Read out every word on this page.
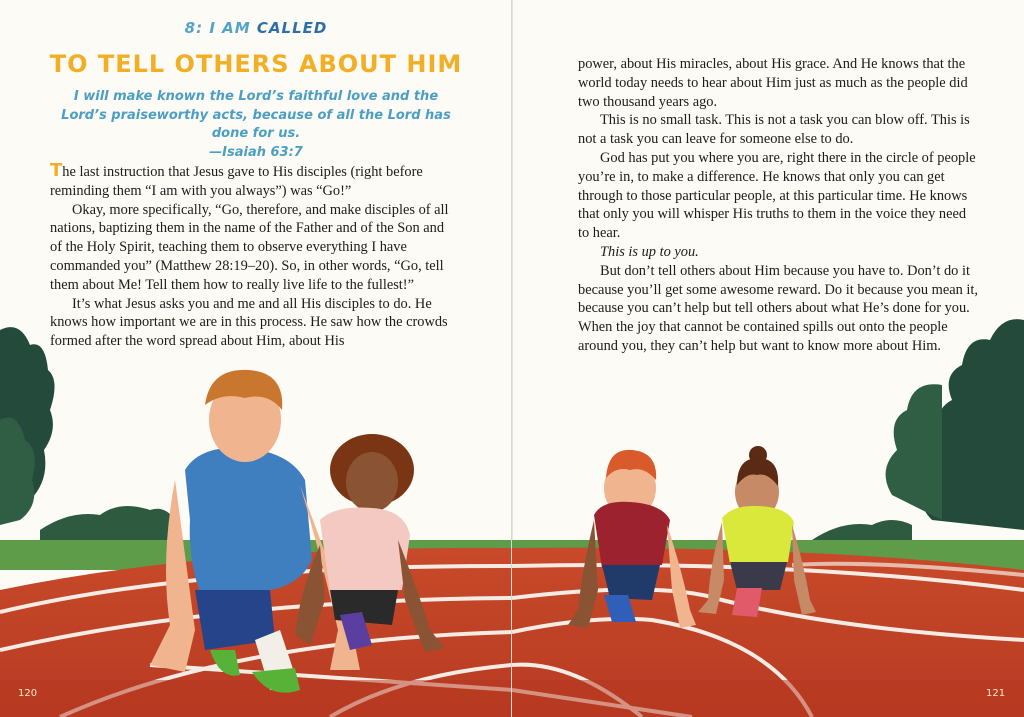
8: I AM CALLED
TO TELL OTHERS ABOUT HIM
I will make known the Lord’s faithful love and the Lord’s praiseworthy acts, because of all the Lord has done for us.
—Isaiah 63:7

The last instruction that Jesus gave to His disciples (right before reminding them “I am with you always”) was “Go!”

Okay, more specifically, “Go, therefore, and make disciples of all nations, baptizing them in the name of the Father and of the Son and of the Holy Spirit, teaching them to observe everything I have commanded you” (Matthew 28:19–20). So, in other words, “Go, tell them about Me! Tell them how to really live life to the fullest!”

It’s what Jesus asks you and me and all His disciples to do. He knows how important we are in this process. He saw how the crowds formed after the word spread about Him, about His

120

power, about His miracles, about His grace. And He knows that the world today needs to hear about Him just as much as the people did two thousand years ago.

This is no small task. This is not a task you can blow off. This is not a task you can leave for someone else to do.

God has put you where you are, right there in the circle of people you’re in, to make a difference. He knows that only you can get through to those particular people, at this particular time. He knows that only you will whisper His truths to them in the voice they need to hear.

This is up to you.

But don’t tell others about Him because you have to. Don’t do it because you’ll get some awesome reward. Do it because you mean it, because you can’t help but tell others about what He’s done for you. When the joy that cannot be contained spills out onto the people around you, they can’t help but want to know more about Him.

121
